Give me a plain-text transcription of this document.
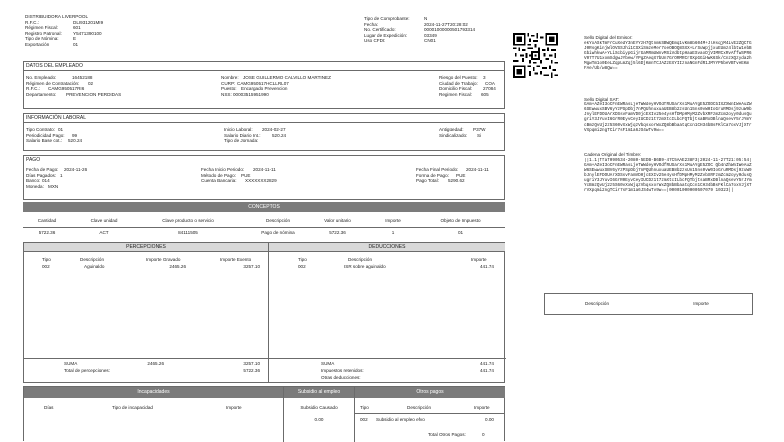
DISTRIBUIDORA LIVERPOOL
R.F.C.:	DLI931201MI9
Régimen Fiscal:	601
Registro Patronal:	Y5471390100
Tipo de Nómina:	E
Exportación	01
Tipo de Comprobante:	N
Fecha:	2024-11-27T20:28:02
No. Certificado:	00001000000501793314
Lugar de Expedición:	03349
Uso CFDI:	CN01
Sello Digital del Emisor:
ekYxASkTmFrCuXedY3nEYYzH7QtnmkSBWQEmq1vKm8b604M+JlHsqjM4ivE2ZQCfGJ0RsgKinjWlOVSSJhi1CSXiSmzeMer7oeOBOQ8SXX+LrSuWpjjxuEUmz4lbtw1ebBGbiwhkwA+YLiScbiypGijrGaMRmUWnvMSiVdbtpHaaESvaoDjVIMRCxRvAffwSPR6V07T7U1xomXdgwJYbew/YPgZAeqX7bUn7GrORMRCrOXpGGiHwK6Sk/CnzXQzyda2hMgwTm1o0EeLZqpLmZqj5l6DjKmnTCJAZzEXYIIznaNGnFdR1JMYYP5beVBTveEKm FAe/Ub/w8Qw==
Sello Digital SAT:
GAm+AZeI3oCFnEWRasLjeTWWdeyHVOdfRUSarXs1MuAYgE5ZODCbIXZXWnIWeAuZW6SEwwuxSBV6yYzPSpDbj7nPQUhnuxuaUEB8b2zsUn15ns0vW0IoGruRMDsj9zuW9bJnylEFDOUArXDSsvFamVD0jcEXIv25e4ysHfDMpHMyM2ZvbXRFzmZcm2oyy0dusQugriY3JYuvI6GrR0EyvCeyIUCDz1t7zmXtcILbcFQTbjtsaBRxDBlnaQsevY5rJYmYcBmzQvUj2z5S60vXxWjqzVbqsxorWxZQ8bBbaatqCcn1CH34bBsFKlCa7oxVJjXTrVXpqmi2ngTCir7sF1m1a6JS4wTv9w==
Cadena Original del Timbre:
||1.1|ffaf090534-2080-5EDB-B6B9-47C5AAE238F3|2024-11-27T21:05:54|GAm+AZeI3oCFnEWRasLjeTWWdeyHVOdfRUSarXs1MuAYgE5ZOC Qb4nZhWnIWeAuZW6SEwwuxSBV6yYzPSpDbj7nPQUhnuxuaUEB8b2zsUn15ns0vW0IoGruRMDsj9zuW9bJnylEFDOUArXDSsvFamVD0jcEXIv25e4ysHfDMpHMyM2ZvbXRFzmZcm2oyy0dusQugriY3JYuvI6GrR0EyvCeyIUCDz1t7zmXtcILbcFQTbjtsaBRxDBlnaQsevY5rJYmYcBmzQvUj2z5S60vXxWjqzVbqsxorWxZQ8bBbaatqCcn1CH34bBsFKlCa7oxVJjXTrVXpqmi2ngTCir7sF1m1a6JS4wTv9w==|00001000000507079 10323||
DATOS DEL EMPLEADO
No. Empleado:	16452188
Régimen de Contratación:	02
R.F.C.:	CAMG950517RI6
Departamento:	PREVENCION PERDIDAS
Nombre: JOSE GUILLERMO CALVILLO MARTINEZ
CURP: CAMG950517HCLLRL07
Puesto: Encargado Prevencion
NSS: 00003515951990
Riesgo del Puesto:	3
Ciudad de Trabajo:	COA
Domicilio Fiscal:	27084
Regimen Fiscal:	605
INFORMACIÓN LABORAL
Tipo Contrato: 01
Periodicidad Pago:	99
Salario Base cot.:	520.24
Inicio Laboral:	2024-02-27
Salario Diario Int.:	520.24
Tipo de Jornada:
Antigüedad:	P37W
Sindicalizado:	Si
PAGO
Fecha de Pago:	2024-11-26
Días Pagados: 1
Banco: 014
Moneda: MXN
Fecha Inicio Periodo:	2024-11-11
Método de Pago:	PUE
Cuenta Bancaria:	XXXXXXX2829
Fecha Final Periodo:	2024-11-11
Forma de Pago:	PUE
Pago Total:	5290.62
CONCEPTOS
Cantidad	Clave unidad	Clave producto o servicio	Descripción	Valor unitario	Importe	Objeto de Impuesto
5722.36	ACT	84111505	Pago de nómina	5722.36	1	01
PERCEPCIONES	DEDUCCIONES
Tipo	Descripción	Importe Gravado	Importe Exento
002	Aguinaldo	2465.26	3257.10
Tipo	Descripción	Importe
002	ISR sobre aguinaldo	441.74
SUMA	2465.26	3257.10
Total de percepciones:	5722.36
SUMA	441.74
Impuestos retenidos:	441.74
Otras deducciones:
Incapacidades	Subsidio al empleo	Otros pagos
Días	Tipo de incapacidad	Importe	Subsidio Causado
0.00
Tipo	Descripción	Importe
002 Subsidio al empleo efvo	0.00
Total Otros Pagos:	0
Descripción	Importe
